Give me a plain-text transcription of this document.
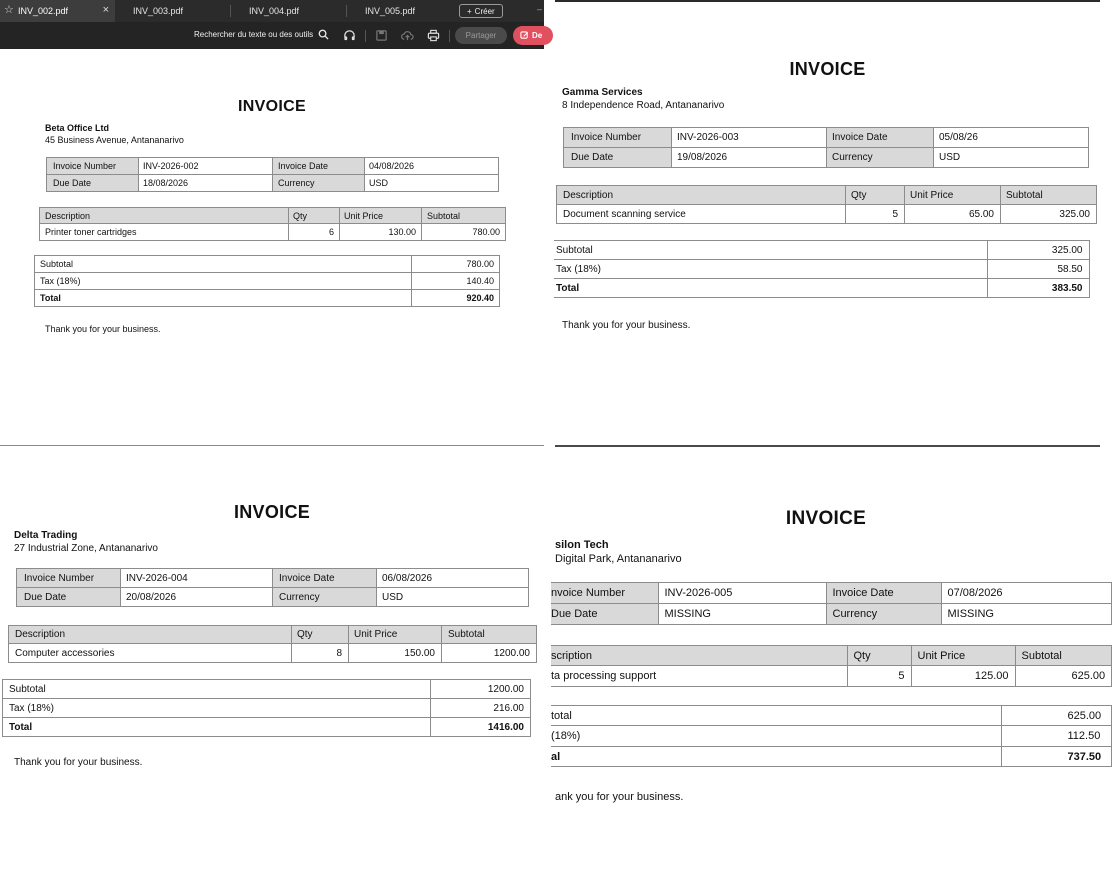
☆ INV_002.pdf	×	INV_003.pdf	INV_004.pdf	INV_005.pdf	+ Créer	–
Rechercher du texte ou des outils	Partager	De
INVOICE
Beta Office Ltd
45 Business Avenue, Antananarivo
Invoice Number	INV-2026-002	Invoice Date	04/08/2026
Due Date	18/08/2026	Currency	USD
Description	Qty	Unit Price	Subtotal
Printer toner cartridges	6	130.00	780.00
Subtotal	780.00
Tax (18%)	140.40
Total	920.40
Thank you for your business.
INVOICE
Gamma Services
8 Independence Road, Antananarivo
Invoice Number	INV-2026-003	Invoice Date	05/08/26
Due Date	19/08/2026	Currency	USD
Description	Qty	Unit Price	Subtotal
Document scanning service	5	65.00	325.00
Subtotal	325.00
Tax (18%)	58.50
Total	383.50
Thank you for your business.
INVOICE
Delta Trading
27 Industrial Zone, Antananarivo
Invoice Number	INV-2026-004	Invoice Date	06/08/2026
Due Date	20/08/2026	Currency	USD
Description	Qty	Unit Price	Subtotal
Computer accessories	8	150.00	1200.00
Subtotal	1200.00
Tax (18%)	216.00
Total	1416.00
Thank you for your business.
INVOICE
silon Tech
Digital Park, Antananarivo
nvoice Number	INV-2026-005	Invoice Date	07/08/2026
Due Date	MISSING	Currency	MISSING
scription	Qty	Unit Price	Subtotal
ta processing support	5	125.00	625.00
total	625.00
(18%)	112.50
al	737.50
ank you for your business.
